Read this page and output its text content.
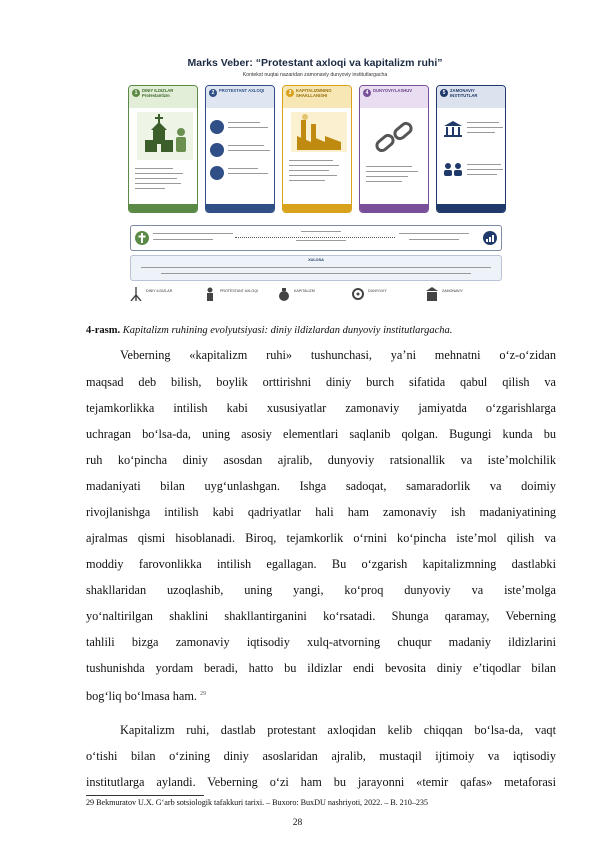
Marks Veber: “Protestant axloqi va kapitalizm ruhi”
Kontekst nuqtai nazaridan zamonaviy dunyoviy institutlargacha
1	DINIY ILDIZLAR Protestantizm	2	PROTESTANT AXLOQI	3	KAPITALIZMNING SHAKLLANISHI	4	DUNYOVIYLASHUV	5	ZAMONAVIY INSTITUTLAR
XULOSA
DINIY ILDIZLAR	PROTESTANT AXLOQI	KAPITALIZM	DUNYOVIY	ZAMONAVIY
4-rasm. Kapitalizm ruhining evolyutsiyasi: diniy ildizlardan dunyoviy institutlargacha.
Veberning «kapitalizm ruhi» tushunchasi, ya’ni mehnatni o‘z-o‘zidan
maqsad deb bilish, boylik orttirishni diniy burch sifatida qabul qilish va
tejamkorlikka intilish kabi xususiyatlar zamonaviy jamiyatda o‘zgarishlarga
uchragan bo‘lsa-da, uning asosiy elementlari saqlanib qolgan. Bugungi kunda bu
ruh ko‘pincha diniy asosdan ajralib, dunyoviy ratsionallik va iste’molchilik
madaniyati bilan uyg‘unlashgan. Ishga sadoqat, samaradorlik va doimiy
rivojlanishga intilish kabi qadriyatlar hali ham zamonaviy ish madaniyatining
ajralmas qismi hisoblanadi. Biroq, tejamkorlik o‘rnini ko‘pincha iste’mol qilish va
moddiy farovonlikka intilish egallagan. Bu o‘zgarish kapitalizmning dastlabki
shakllaridan uzoqlashib, uning yangi, ko‘proq dunyoviy va iste’molga
yo‘naltirilgan shaklini shakllantirganini ko‘rsatadi. Shunga qaramay, Veberning
tahlili bizga zamonaviy iqtisodiy xulq-atvorning chuqur madaniy ildizlarini
tushunishda yordam beradi, hatto bu ildizlar endi bevosita diniy e’tiqodlar bilan
bog‘liq bo‘lmasa ham. $^{29}$
Kapitalizm ruhi, dastlab protestant axloqidan kelib chiqqan bo‘lsa-da, vaqt
o‘tishi bilan o‘zining diniy asoslaridan ajralib, mustaqil ijtimoiy va iqtisodiy
institutlarga aylandi. Veberning o‘zi ham bu jarayonni «temir qafas» metaforasi
29 Bekmuratov U.X. G‘arb sotsiologik tafakkuri tarixi. – Buxoro: BuxDU nashriyoti, 2022. – B. 210–235
28
